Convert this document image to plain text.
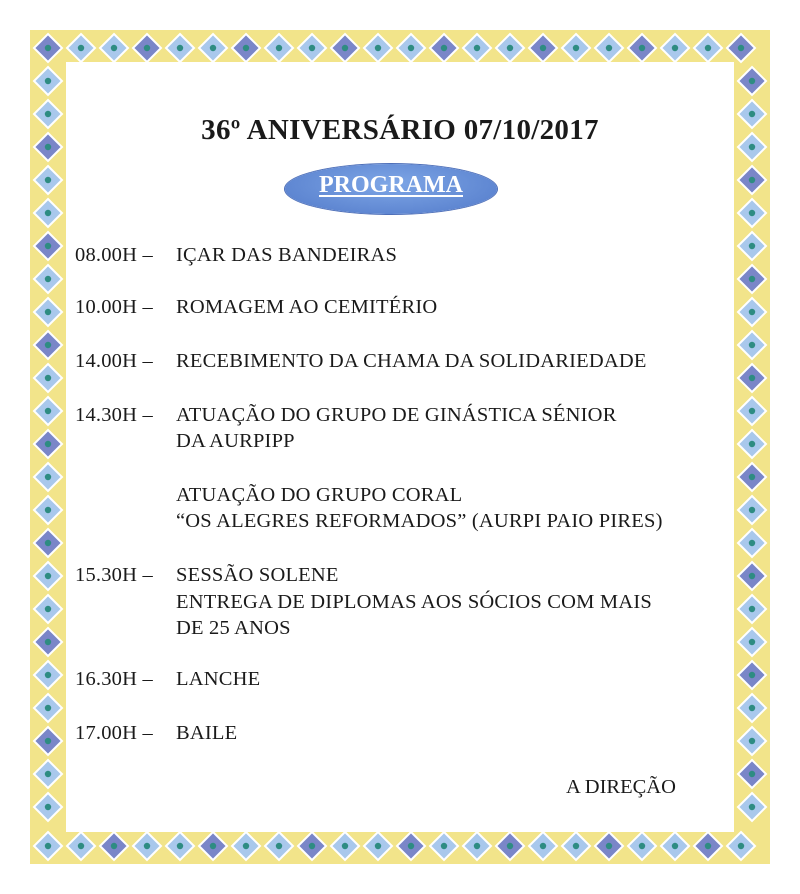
36º ANIVERSÁRIO 07/10/2017
PROGRAMA
08.00H – IÇAR DAS BANDEIRAS
10.00H – ROMAGEM AO CEMITÉRIO
14.00H – RECEBIMENTO DA CHAMA DA SOLIDARIEDADE
14.30H – ATUAÇÃO DO GRUPO DE GINÁSTICA SÉNIOR
DA AURPIPP
ATUAÇÃO DO GRUPO CORAL
“OS ALEGRES REFORMADOS” (AURPI PAIO PIRES)
15.30H – SESSÃO SOLENE
ENTREGA DE DIPLOMAS AOS SÓCIOS COM MAIS
DE 25 ANOS
16.30H – LANCHE
17.00H – BAILE
A DIREÇÃO
